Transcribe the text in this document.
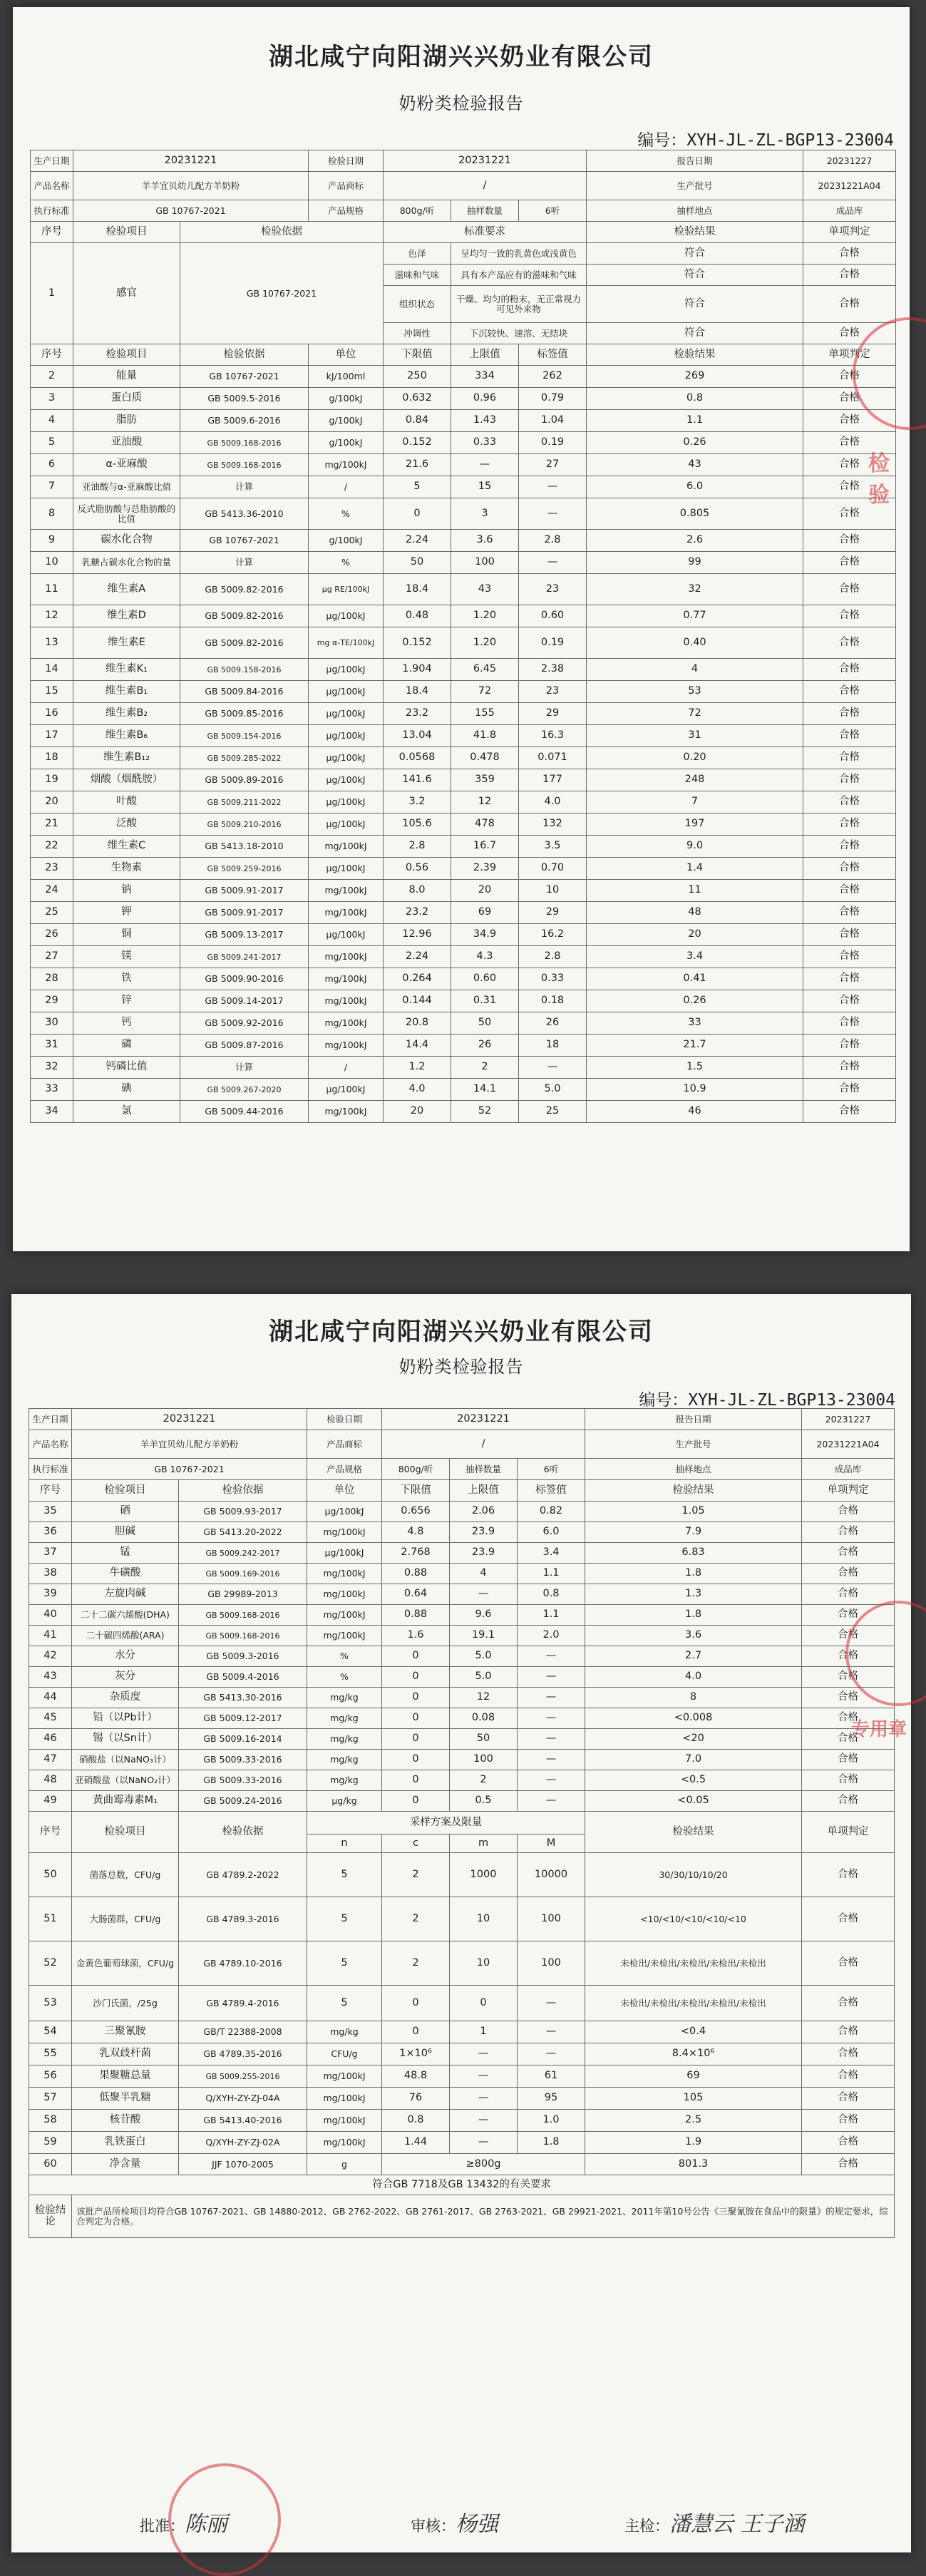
湖北咸宁向阳湖兴兴奶业有限公司
奶粉类检验报告
编号：XYH-JL-ZL-BGP13-23004
生产日期	20231221		检验日期	20231221			报告日期	20231227
产品名称	羊羊宜贝幼儿配方羊奶粉		产品商标	/			生产批号	20231221A04
执行标准	GB 10767-2021		产品规格	800g/听	抽样数量	6听	抽样地点	成品库
序号	检验项目	检验依据		标准要求			检验结果	单项判定
1	感官	GB 10767-2021		色泽	呈均匀一致的乳黄色或浅黄色		符合	合格
				滋味和气味	具有本产品应有的滋味和气味		符合	合格
				组织状态	干燥、均匀的粉末，无正常视力可见外来物		符合	合格
				冲调性	下沉较快、速溶、无结块		符合	合格
序号	检验项目	检验依据	单位	下限值	上限值	标签值	检验结果	单项判定
2	能量	GB 10767-2021	kJ/100ml	250	334	262	269	合格
3	蛋白质	GB 5009.5-2016	g/100kJ	0.632	0.96	0.79	0.8	合格
4	脂肪	GB 5009.6-2016	g/100kJ	0.84	1.43	1.04	1.1	合格
5	亚油酸	GB 5009.168-2016	g/100kJ	0.152	0.33	0.19	0.26	合格
6	α-亚麻酸	GB 5009.168-2016	mg/100kJ	21.6	—	27	43	合格
7	亚油酸与α-亚麻酸比值	计算	/	5	15	—	6.0	合格
8	反式脂肪酸与总脂肪酸的比值	GB 5413.36-2010	%	0	3	—	0.805	合格
9	碳水化合物	GB 10767-2021	g/100kJ	2.24	3.6	2.8	2.6	合格
10	乳糖占碳水化合物的量	计算	%	50	100	—	99	合格
11	维生素A	GB 5009.82-2016	μg RE/100kJ	18.4	43	23	32	合格
12	维生素D	GB 5009.82-2016	μg/100kJ	0.48	1.20	0.60	0.77	合格
13	维生素E	GB 5009.82-2016	mg α-TE/100kJ	0.152	1.20	0.19	0.40	合格
14	维生素K₁	GB 5009.158-2016	μg/100kJ	1.904	6.45	2.38	4	合格
15	维生素B₁	GB 5009.84-2016	μg/100kJ	18.4	72	23	53	合格
16	维生素B₂	GB 5009.85-2016	μg/100kJ	23.2	155	29	72	合格
17	维生素B₆	GB 5009.154-2016	μg/100kJ	13.04	41.8	16.3	31	合格
18	维生素B₁₂	GB 5009.285-2022	μg/100kJ	0.0568	0.478	0.071	0.20	合格
19	烟酸（烟酰胺）	GB 5009.89-2016	μg/100kJ	141.6	359	177	248	合格
20	叶酸	GB 5009.211-2022	μg/100kJ	3.2	12	4.0	7	合格
21	泛酸	GB 5009.210-2016	μg/100kJ	105.6	478	132	197	合格
22	维生素C	GB 5413.18-2010	mg/100kJ	2.8	16.7	3.5	9.0	合格
23	生物素	GB 5009.259-2016	μg/100kJ	0.56	2.39	0.70	1.4	合格
24	钠	GB 5009.91-2017	mg/100kJ	8.0	20	10	11	合格
25	钾	GB 5009.91-2017	mg/100kJ	23.2	69	29	48	合格
26	铜	GB 5009.13-2017	μg/100kJ	12.96	34.9	16.2	20	合格
27	镁	GB 5009.241-2017	mg/100kJ	2.24	4.3	2.8	3.4	合格
28	铁	GB 5009.90-2016	mg/100kJ	0.264	0.60	0.33	0.41	合格
29	锌	GB 5009.14-2017	mg/100kJ	0.144	0.31	0.18	0.26	合格
30	钙	GB 5009.92-2016	mg/100kJ	20.8	50	26	33	合格
31	磷	GB 5009.87-2016	mg/100kJ	14.4	26	18	21.7	合格
32	钙磷比值	计算	/	1.2	2	—	1.5	合格
33	碘	GB 5009.267-2020	μg/100kJ	4.0	14.1	5.0	10.9	合格
34	氯	GB 5009.44-2016	mg/100kJ	20	52	25	46	合格
检验
湖北咸宁向阳湖兴兴奶业有限公司
奶粉类检验报告
编号：XYH-JL-ZL-BGP13-23004
生产日期	20231221		检验日期	20231221			报告日期	20231227
产品名称	羊羊宜贝幼儿配方羊奶粉		产品商标	/			生产批号	20231221A04
执行标准	GB 10767-2021		产品规格	800g/听	抽样数量	6听	抽样地点	成品库
序号	检验项目	检验依据	单位	下限值	上限值	标签值	检验结果	单项判定
35	硒	GB 5009.93-2017	μg/100kJ	0.656	2.06	0.82	1.05	合格
36	胆碱	GB 5413.20-2022	mg/100kJ	4.8	23.9	6.0	7.9	合格
37	锰	GB 5009.242-2017	μg/100kJ	2.768	23.9	3.4	6.83	合格
38	牛磺酸	GB 5009.169-2016	mg/100kJ	0.88	4	1.1	1.8	合格
39	左旋肉碱	GB 29989-2013	mg/100kJ	0.64	—	0.8	1.3	合格
40	二十二碳六烯酸(DHA)	GB 5009.168-2016	mg/100kJ	0.88	9.6	1.1	1.8	合格
41	二十碳四烯酸(ARA)	GB 5009.168-2016	mg/100kJ	1.6	19.1	2.0	3.6	合格
42	水分	GB 5009.3-2016	%	0	5.0	—	2.7	合格
43	灰分	GB 5009.4-2016	%	0	5.0	—	4.0	合格
44	杂质度	GB 5413.30-2016	mg/kg	0	12	—	8	合格
45	铅（以Pb计）	GB 5009.12-2017	mg/kg	0	0.08	—	<0.008	合格
46	锡（以Sn计）	GB 5009.16-2014	mg/kg	0	50	—	<20	合格
47	硝酸盐（以NaNO₃计）	GB 5009.33-2016	mg/kg	0	100	—	7.0	合格
48	亚硝酸盐（以NaNO₂计）	GB 5009.33-2016	mg/kg	0	2	—	<0.5	合格
49	黄曲霉毒素M₁	GB 5009.24-2016	μg/kg	0	0.5	—	<0.05	合格
序号	检验项目	检验依据	采样方案及限量				检验结果	单项判定
			n	c	m	M		
50	菌落总数，CFU/g	GB 4789.2-2022	5	2	1000	10000	30/30/10/10/20	合格
51	大肠菌群，CFU/g	GB 4789.3-2016	5	2	10	100	<10/<10/<10/<10/<10	合格
52	金黄色葡萄球菌，CFU/g	GB 4789.10-2016	5	2	10	100	未检出/未检出/未检出/未检出/未检出	合格
53	沙门氏菌，/25g	GB 4789.4-2016	5	0	0	—	未检出/未检出/未检出/未检出/未检出	合格
54	三聚氰胺	GB/T 22388-2008	mg/kg	0	1	—	<0.4	合格
55	乳双歧杆菌	GB 4789.35-2016	CFU/g	1×10⁶	—	—	8.4×10⁶	合格
56	果聚糖总量	GB 5009.255-2016	mg/100kJ	48.8	—	61	69	合格
57	低聚半乳糖	Q/XYH-ZY-ZJ-04A	mg/100kJ	76	—	95	105	合格
58	核苷酸	GB 5413.40-2016	mg/100kJ	0.8	—	1.0	2.5	合格
59	乳铁蛋白	Q/XYH-ZY-ZJ-02A	mg/100kJ	1.44	—	1.8	1.9	合格
60	净含量	JJF 1070-2005	g	≥800g			801.3	合格
符合GB 7718及GB 13432的有关要求								
检验结论	该批产品所检项目均符合GB 10767-2021、GB 14880-2012、GB 2762-2022、GB 2761-2017、GB 2763-2021、GB 29921-2021、2011年第10号公告《三聚氰胺在食品中的限量》的规定要求，综合判定为合格。							
批准：陈丽	审核：杨强	主检：潘慧云 王子涵
专用章
